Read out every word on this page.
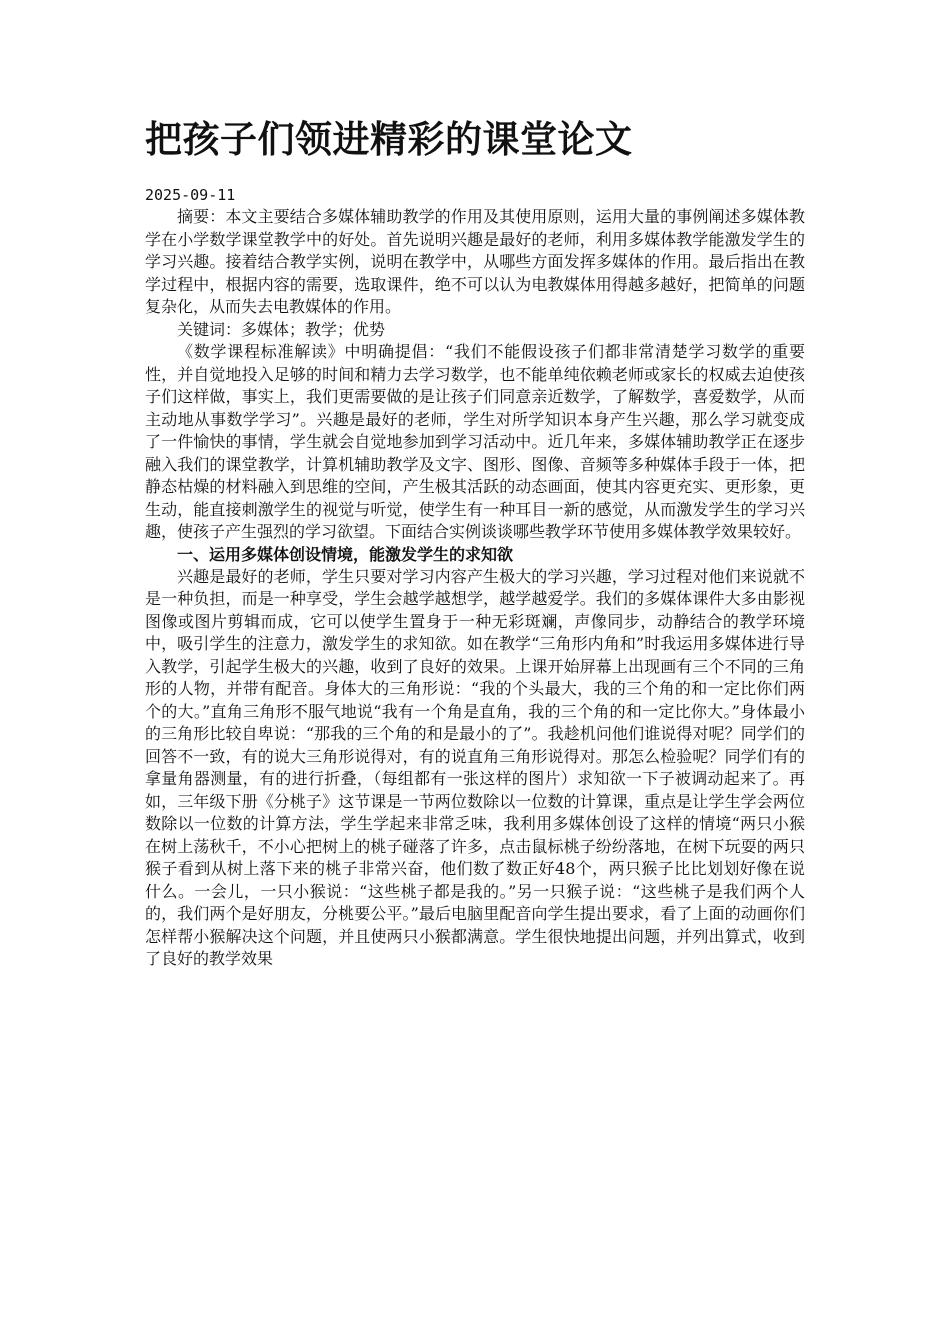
把孩子们领进精彩的课堂论文
2025-09-11

摘要：本文主要结合多媒体辅助教学的作用及其使用原则，运用大量的事例阐述多媒体教学在小学数学课堂教学中的好处。首先说明兴趣是最好的老师，利用多媒体教学能激发学生的学习兴趣。接着结合教学实例，说明在教学中，从哪些方面发挥多媒体的作用。最后指出在教学过程中，根据内容的需要，选取课件，绝不可以认为电教媒体用得越多越好，把简单的问题复杂化，从而失去电教媒体的作用。

关键词：多媒体；教学；优势

《数学课程标准解读》中明确提倡：“我们不能假设孩子们都非常清楚学习数学的重要性，并自觉地投入足够的时间和精力去学习数学，也不能单纯依赖老师或家长的权威去迫使孩子们这样做，事实上，我们更需要做的是让孩子们同意亲近数学，了解数学，喜爱数学，从而主动地从事数学学习”。兴趣是最好的老师，学生对所学知识本身产生兴趣，那么学习就变成了一件愉快的事情，学生就会自觉地参加到学习活动中。近几年来，多媒体辅助教学正在逐步融入我们的课堂教学，计算机辅助教学及文字、图形、图像、音频等多种媒体手段于一体，把静态枯燥的材料融入到思维的空间，产生极其活跃的动态画面，使其内容更充实、更形象，更生动，能直接刺激学生的视觉与听觉，使学生有一种耳目一新的感觉，从而激发学生的学习兴趣，使孩子产生强烈的学习欲望。下面结合实例谈谈哪些教学环节使用多媒体教学效果较好。

一、运用多媒体创设情境，能激发学生的求知欲

兴趣是最好的老师，学生只要对学习内容产生极大的学习兴趣，学习过程对他们来说就不是一种负担，而是一种享受，学生会越学越想学，越学越爱学。我们的多媒体课件大多由影视图像或图片剪辑而成，它可以使学生置身于一种无彩斑斓，声像同步，动静结合的教学环境中，吸引学生的注意力，激发学生的求知欲。如在教学“三角形内角和”时我运用多媒体进行导入教学，引起学生极大的兴趣，收到了良好的效果。上课开始屏幕上出现画有三个不同的三角形的人物，并带有配音。身体大的三角形说：“我的个头最大，我的三个角的和一定比你们两个的大。”直角三角形不服气地说“我有一个角是直角，我的三个角的和一定比你大。”身体最小的三角形比较自卑说：“那我的三个角的和是最小的了”。我趁机问他们谁说得对呢？同学们的回答不一致，有的说大三角形说得对，有的说直角三角形说得对。那怎么检验呢？同学们有的拿量角器测量，有的进行折叠，（每组都有一张这样的图片）求知欲一下子被调动起来了。再如，三年级下册《分桃子》这节课是一节两位数除以一位数的计算课，重点是让学生学会两位数除以一位数的计算方法，学生学起来非常乏味，我利用多媒体创设了这样的情境“两只小猴在树上荡秋千，不小心把树上的桃子碰落了许多，点击鼠标桃子纷纷落地，在树下玩耍的两只猴子看到从树上落下来的桃子非常兴奋，他们数了数正好48个，两只猴子比比划划好像在说什么。一会儿，一只小猴说：“这些桃子都是我的。”另一只猴子说：“这些桃子是我们两个人的，我们两个是好朋友，分桃要公平。”最后电脑里配音向学生提出要求，看了上面的动画你们怎样帮小猴解决这个问题，并且使两只小猴都满意。学生很快地提出问题，并列出算式，收到了良好的教学效果
